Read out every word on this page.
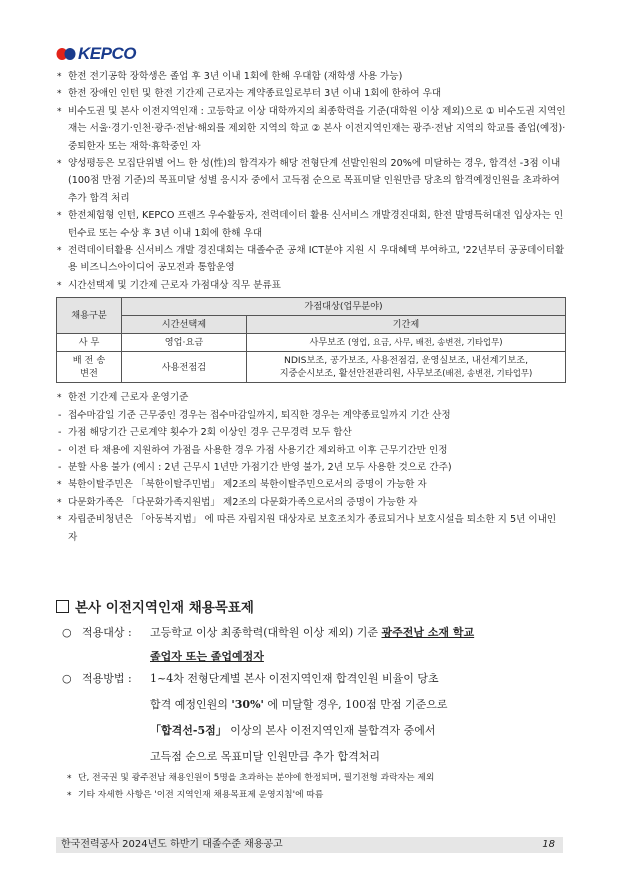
KEPCO
* 한전 전기공학 장학생은 졸업 후 3년 이내 1회에 한해 우대함 (재학생 사용 가능)
* 한전 장애인 인턴 및 한전 기간제 근로자는 계약종료일로부터 3년 이내 1회에 한하여 우대
* 비수도권 및 본사 이전지역인재 : 고등학교 이상 대학까지의 최종학력을 기준(대학원 이상 제외)으로 ① 비수도권 지역인재는 서울·경기·인천·광주·전남·해외를 제외한 지역의 학교 ② 본사 이전지역인재는 광주·전남 지역의 학교를 졸업(예정)·중퇴한자 또는 재학·휴학중인 자
* 양성평등은 모집단위별 어느 한 성(性)의 합격자가 해당 전형단계 선발인원의 20%에 미달하는 경우, 합격선 -3점 이내(100점 만점 기준)의 목표미달 성별 응시자 중에서 고득점 순으로 목표미달 인원만큼 당초의 합격예정인원을 초과하여 추가 합격 처리
* 한전체험형 인턴, KEPCO 프렌즈 우수활동자, 전력데이터 활용 신서비스 개발경진대회, 한전 발명특허대전 입상자는 인턴수료 또는 수상 후 3년 이내 1회에 한해 우대
* 전력데이터활용 신서비스 개발 경진대회는 대졸수준 공채 ICT분야 지원 시 우대혜택 부여하고, '22년부터 공공데이터활용 비즈니스아이디어 공모전과 통합운영
* 시간선택제 및 기간제 근로자 가점대상 직무 분류표
채용구분	가점대상(업무분야)	
	시간선택제	기간제
사 무	영업·요금	사무보조 (영업, 요금, 사무, 배전, 송변전, 기타업무)
배 전 송변전	사용전점검	NDIS보조, 공가보조, 사용전점검, 운영실보조, 내선계기보조,
지중순시보조, 활선안전관리원, 사무보조(배전, 송변전, 기타업무)
* 한전 기간제 근로자 운영기준
- 접수마감일 기준 근무중인 경우는 접수마감일까지, 퇴직한 경우는 계약종료일까지 기간 산정
- 가점 해당기간 근로계약 횟수가 2회 이상인 경우 근무경력 모두 합산
- 이전 타 채용에 지원하여 가점을 사용한 경우 가점 사용기간 제외하고 이후 근무기간만 인정
- 분할 사용 불가 (예시 : 2년 근무시 1년만 가점기간 반영 불가, 2년 모두 사용한 것으로 간주)
* 북한이탈주민은 「북한이탈주민법」 제2조의 북한이탈주민으로서의 증명이 가능한 자
* 다문화가족은 「다문화가족지원법」 제2조의 다문화가족으로서의 증명이 가능한 자
* 자립준비청년은 「아동복지법」 에 따른 자립지원 대상자로 보호조치가 종료되거나 보호시설을 퇴소한 지 5년 이내인 자
본사 이전지역인재 채용목표제
○ 적용대상 : 고등학교 이상 최종학력(대학원 이상 제외) 기준 광주전남 소재 학교
졸업자 또는 졸업예정자
○ 적용방법 : 1~4차 전형단계별 본사 이전지역인재 합격인원 비율이 당초
합격 예정인원의 '30%' 에 미달할 경우, 100점 만점 기준으로
「합격선-5점」 이상의 본사 이전지역인재 불합격자 중에서
고득점 순으로 목표미달 인원만큼 추가 합격처리
* 단, 전국권 및 광주전남 채용인원이 5명을 초과하는 분야에 한정되며, 필기전형 과락자는 제외
* 기타 자세한 사항은 '이전 지역인재 채용목표제 운영지침'에 따름
한국전력공사 2024년도 하반기 대졸수준 채용공고	18
